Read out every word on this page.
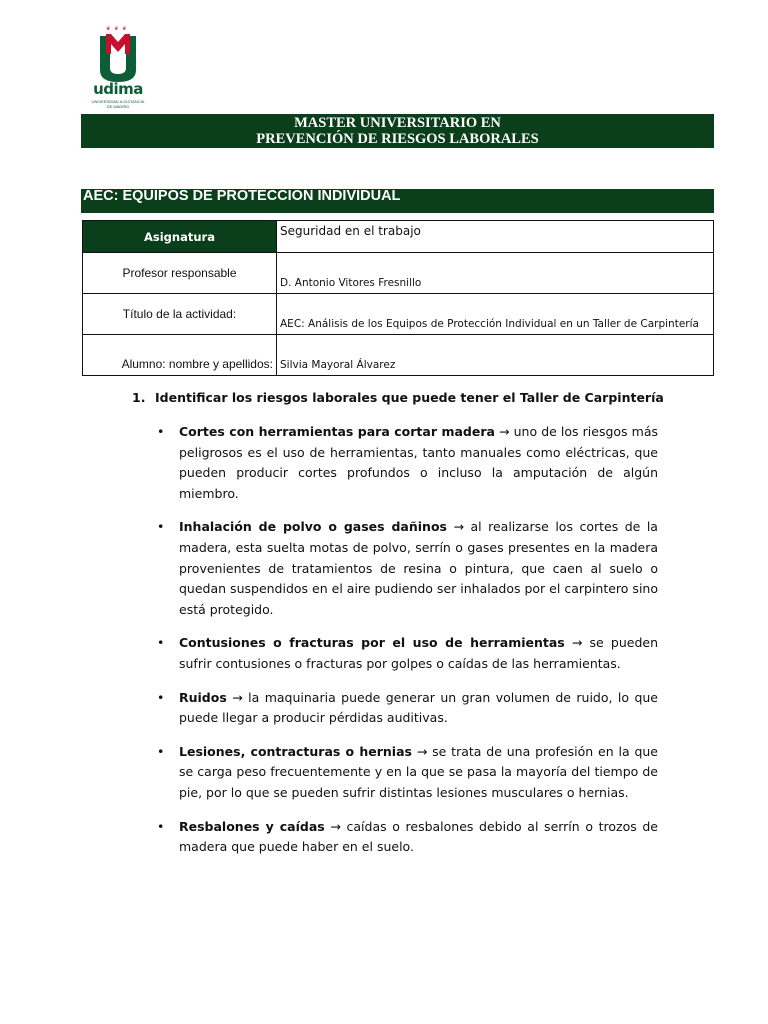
♛ ♛ ♛
udima
UNIVERSIDAD A DISTANCIA
DE MADRID
MASTER UNIVERSITARIO EN
PREVENCIÓN DE RIESGOS LABORALES
AEC: EQUIPOS DE PROTECCION INDIVIDUAL
Asignatura	Seguridad en el trabajo
Profesor responsable	D. Antonio Vitores Fresnillo
Título de la actividad:	AEC: Análisis de los Equipos de Protección Individual en un Taller de Carpintería
Alumno: nombre y apellidos:	Silvia Mayoral Álvarez
1. Identificar los riesgos laborales que puede tener el Taller de Carpintería
• Cortes con herramientas para cortar madera → uno de los riesgos más peligrosos es el uso de herramientas, tanto manuales como eléctricas, que pueden producir cortes profundos o incluso la amputación de algún miembro.
• Inhalación de polvo o gases dañinos → al realizarse los cortes de la madera, esta suelta motas de polvo, serrín o gases presentes en la madera provenientes de tratamientos de resina o pintura, que caen al suelo o quedan suspendidos en el aire pudiendo ser inhalados por el carpintero sino está protegido.
• Contusiones o fracturas por el uso de herramientas → se pueden sufrir contusiones o fracturas por golpes o caídas de las herramientas.
• Ruidos → la maquinaria puede generar un gran volumen de ruido, lo que puede llegar a producir pérdidas auditivas.
• Lesiones, contracturas o hernias → se trata de una profesión en la que se carga peso frecuentemente y en la que se pasa la mayoría del tiempo de pie, por lo que se pueden sufrir distintas lesiones musculares o hernias.
• Resbalones y caídas → caídas o resbalones debido al serrín o trozos de madera que puede haber en el suelo.
